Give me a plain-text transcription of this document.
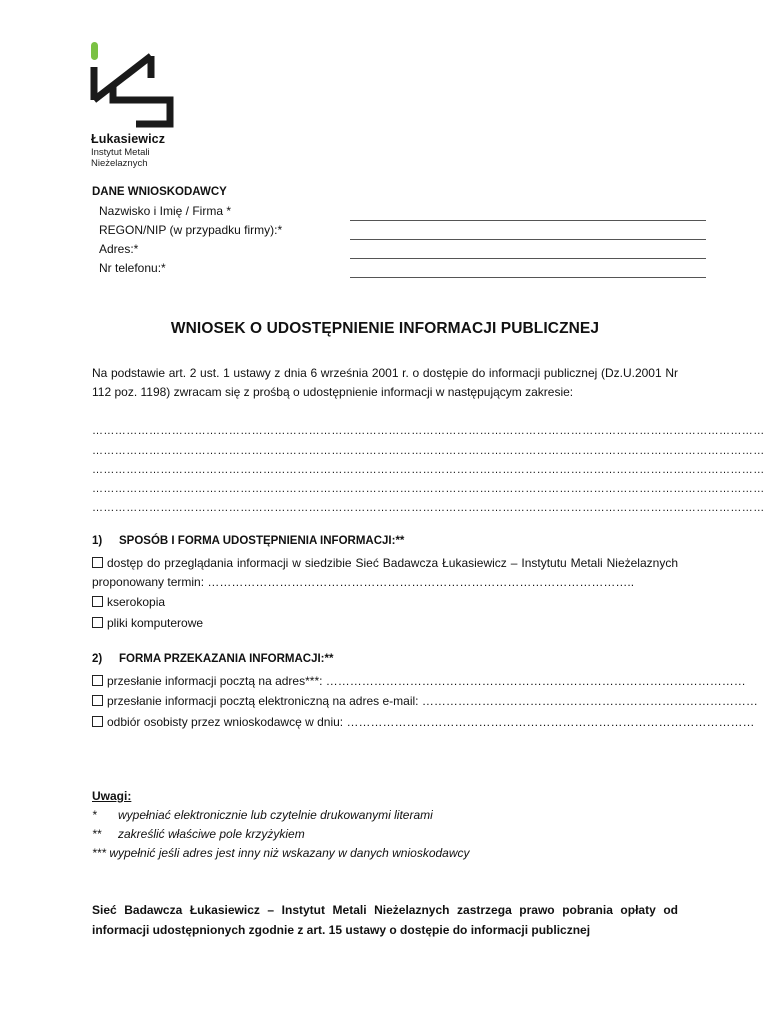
Łukasiewicz
Instytut Metali
Nieżelaznych
DANE WNIOSKODAWCY
Nazwisko i Imię / Firma *
REGON/NIP (w przypadku firmy):*
Adres:*
Nr telefonu:*
WNIOSEK O UDOSTĘPNIENIE INFORMACJI PUBLICZNEJ
Na podstawie art. 2 ust. 1 ustawy z dnia 6 września 2001 r. o dostępie do informacji publicznej (Dz.U.2001 Nr 112 poz. 1198) zwracam się z prośbą o udostępnienie informacji w następującym zakresie:
……………………………………………………………………………………………………………………………………………………………
……………………………………………………………………………………………………………………………………………………………
……………………………………………………………………………………………………………………………………………………………
……………………………………………………………………………………………………………………………………………………………
……………………………………………………………………………………………………………………………………………………………
1) SPOSÓB I FORMA UDOSTĘPNIENIA INFORMACJI:**
dostęp do przeglądania informacji w siedzibie Sieć Badawcza Łukasiewicz – Instytutu Metali Nieżelaznych proponowany termin: ……………………………………………………………………………………………..
kserokopia
pliki komputerowe
2) FORMA PRZEKAZANIA INFORMACJI:**
przesłanie informacji pocztą na adres***: ……………………………………………………………………………………………
przesłanie informacji pocztą elektroniczną na adres e-mail: …………………………………………………………………………
odbiór osobisty przez wnioskodawcę w dniu: …………………………………………………………………………………………
Uwagi:
* wypełniać elektronicznie lub czytelnie drukowanymi literami
** zakreślić właściwe pole krzyżykiem
*** wypełnić jeśli adres jest inny niż wskazany w danych wnioskodawcy
Sieć Badawcza Łukasiewicz – Instytut Metali Nieżelaznych zastrzega prawo pobrania opłaty od informacji udostępnionych zgodnie z art. 15 ustawy o dostępie do informacji publicznej
